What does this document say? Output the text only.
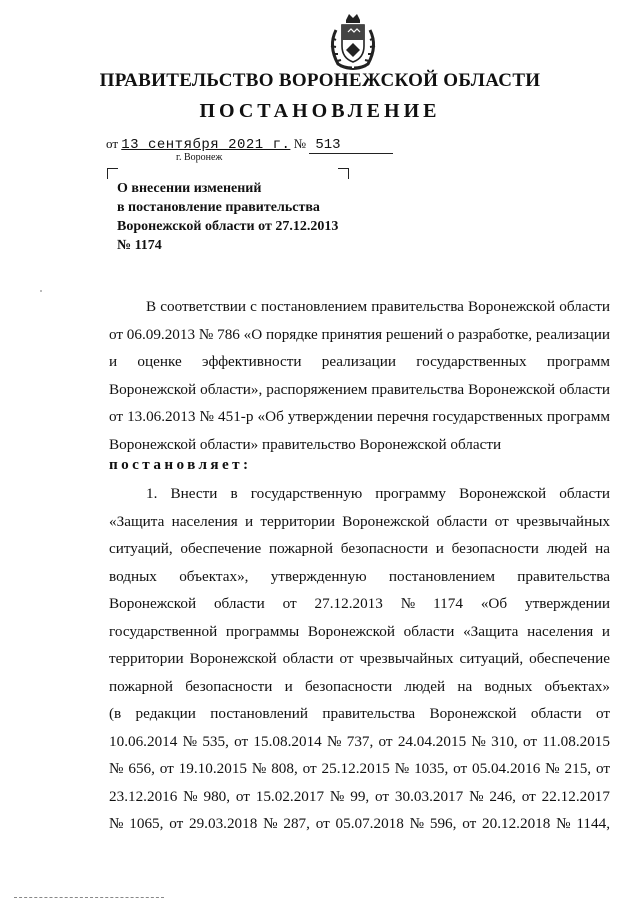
ПРАВИТЕЛЬСТВО ВОРОНЕЖСКОЙ ОБЛАСТИ
ПОСТАНОВЛЕНИЕ
от 13 сентября 2021 г. № 513
г. Воронеж
О внесении изменений
в постановление правительства
Воронежской области от 27.12.2013
№ 1174
В соответствии с постановлением правительства Воронежской области
от 06.09.2013 № 786 «О порядке принятия решений о разработке, реализации
и оценке эффективности реализации государственных программ
Воронежской области», распоряжением правительства Воронежской области
от 13.06.2013 № 451-р «Об утверждении перечня государственных программ
Воронежской области» правительство Воронежской области
постановляет:
1. Внести в государственную программу Воронежской области
«Защита населения и территории Воронежской области от чрезвычайных
ситуаций, обеспечение пожарной безопасности и безопасности людей на
водных объектах», утвержденную постановлением правительства
Воронежской области от 27.12.2013 № 1174 «Об утверждении
государственной программы Воронежской области «Защита населения и
территории Воронежской области от чрезвычайных ситуаций, обеспечение
пожарной безопасности и безопасности людей на водных объектах»
(в редакции постановлений правительства Воронежской области от
10.06.2014 № 535, от 15.08.2014 № 737, от 24.04.2015 № 310, от 11.08.2015
№ 656, от 19.10.2015 № 808, от 25.12.2015 № 1035, от 05.04.2016 № 215, от
23.12.2016 № 980, от 15.02.2017 № 99, от 30.03.2017 № 246, от 22.12.2017
№ 1065, от 29.03.2018 № 287, от 05.07.2018 № 596, от 20.12.2018 № 1144,
